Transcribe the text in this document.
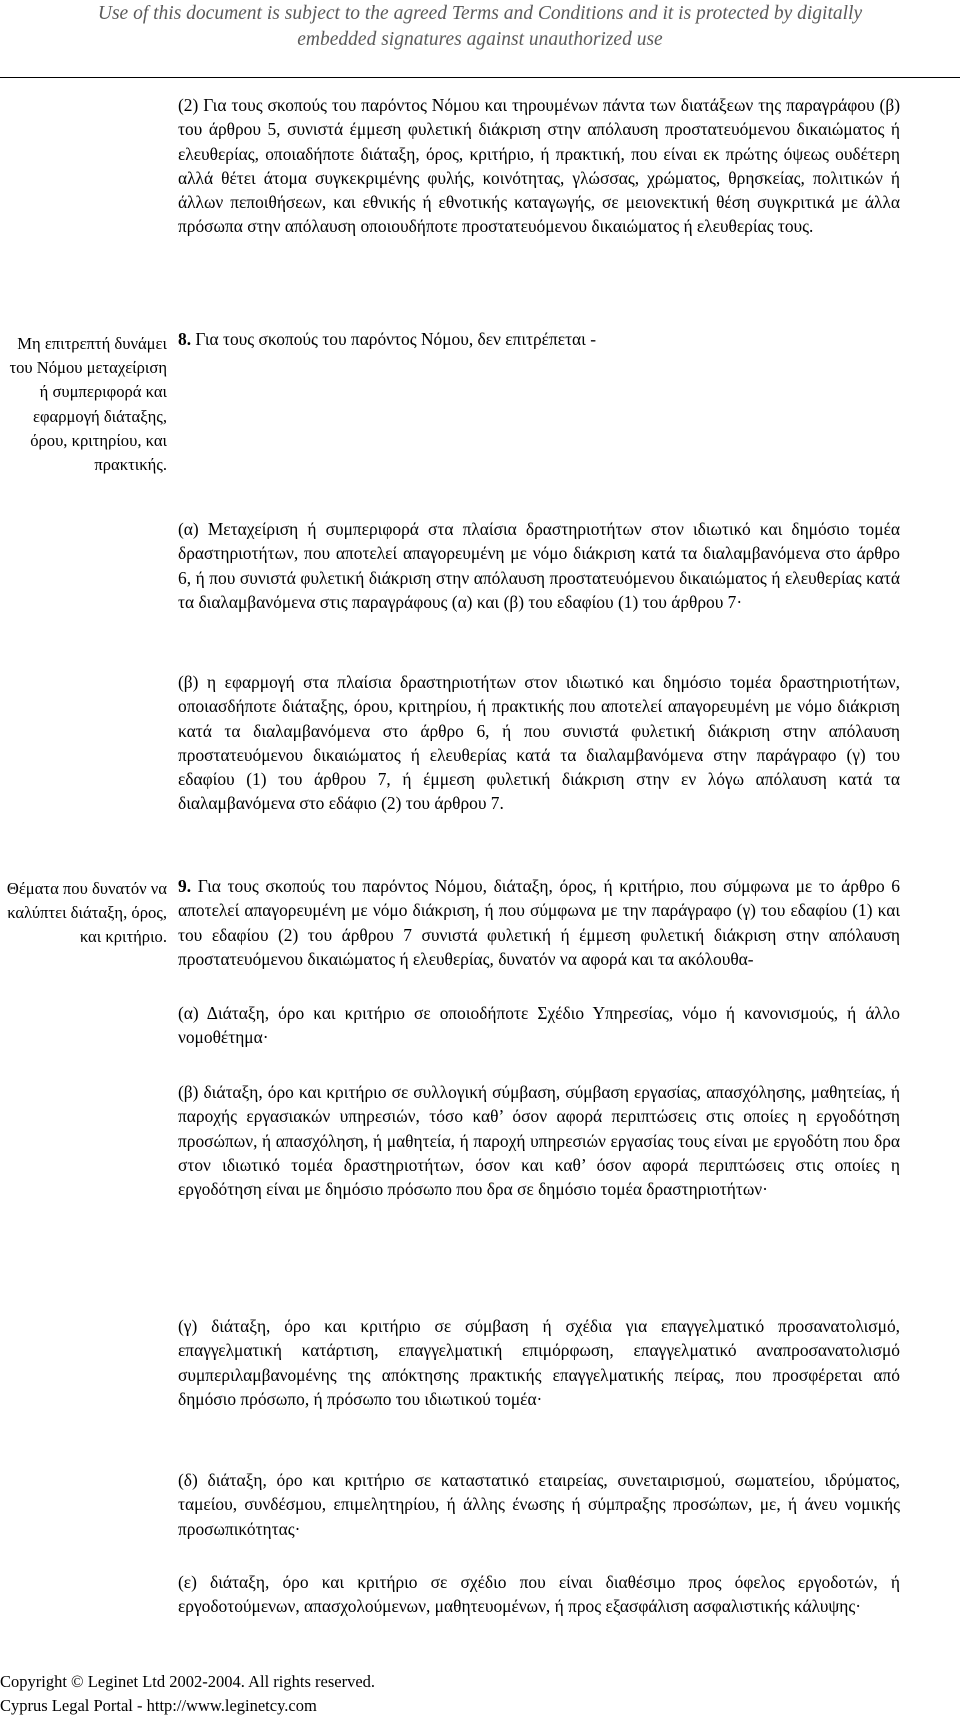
Use of this document is subject to the agreed Terms and Conditions and it is protected by digitally
embedded signatures against unauthorized use

(2) Για τους σκοπούς του παρόντος Νόμου και τηρουμένων πάντα των διατάξεων της παραγράφου (β) του άρθρου 5, συνιστά έμμεση φυλετική διάκριση στην απόλαυση προστατευόμενου δικαιώματος ή ελευθερίας, οποιαδήποτε διάταξη, όρος, κριτήριο, ή πρακτική, που είναι εκ πρώτης όψεως ουδέτερη αλλά θέτει άτομα συγκεκριμένης φυλής, κοινότητας, γλώσσας, χρώματος, θρησκείας, πολιτικών ή άλλων πεποιθήσεων, και εθνικής ή εθνοτικής καταγωγής, σε μειονεκτική θέση συγκριτικά με άλλα πρόσωπα στην απόλαυση οποιουδήποτε προστατευόμενου δικαιώματος ή ελευθερίας τους.

Μη επιτρεπτή δυνάμει του Νόμου μεταχείριση ή συμπεριφορά και εφαρμογή διάταξης, όρου, κριτηρίου, και πρακτικής.

8. Για τους σκοπούς του παρόντος Νόμου, δεν επιτρέπεται -

(α) Μεταχείριση ή συμπεριφορά στα πλαίσια δραστηριοτήτων στον ιδιωτικό και δημόσιο τομέα δραστηριοτήτων, που αποτελεί απαγορευμένη με νόμο διάκριση κατά τα διαλαμβανόμενα στο άρθρο 6, ή που συνιστά φυλετική διάκριση στην απόλαυση προστατευόμενου δικαιώματος ή ελευθερίας κατά τα διαλαμβανόμενα στις παραγράφους (α) και (β) του εδαφίου (1) του άρθρου 7·

(β) η εφαρμογή στα πλαίσια δραστηριοτήτων στον ιδιωτικό και δημόσιο τομέα δραστηριοτήτων, οποιασδήποτε διάταξης, όρου, κριτηρίου, ή πρακτικής που αποτελεί απαγορευμένη με νόμο διάκριση κατά τα διαλαμβανόμενα στο άρθρο 6, ή που συνιστά φυλετική διάκριση στην απόλαυση προστατευόμενου δικαιώματος ή ελευθερίας κατά τα διαλαμβανόμενα στην παράγραφο (γ) του εδαφίου (1) του άρθρου 7, ή έμμεση φυλετική διάκριση στην εν λόγω απόλαυση κατά τα διαλαμβανόμενα στο εδάφιο (2) του άρθρου 7.

Θέματα που δυνατόν να καλύπτει διάταξη, όρος, και κριτήριο.

9. Για τους σκοπούς του παρόντος Νόμου, διάταξη, όρος, ή κριτήριο, που σύμφωνα με το άρθρο 6 αποτελεί απαγορευμένη με νόμο διάκριση, ή που σύμφωνα με την παράγραφο (γ) του εδαφίου (1) και του εδαφίου (2) του άρθρου 7 συνιστά φυλετική ή έμμεση φυλετική διάκριση στην απόλαυση προστατευόμενου δικαιώματος ή ελευθερίας, δυνατόν να αφορά και τα ακόλουθα-

(α) Διάταξη, όρο και κριτήριο σε οποιοδήποτε Σχέδιο Υπηρεσίας, νόμο ή κανονισμούς, ή άλλο νομοθέτημα·

(β) διάταξη, όρο και κριτήριο σε συλλογική σύμβαση, σύμβαση εργασίας, απασχόλησης, μαθητείας, ή παροχής εργασιακών υπηρεσιών, τόσο καθ’ όσον αφορά περιπτώσεις στις οποίες η εργοδότηση προσώπων, ή απασχόληση, ή μαθητεία, ή παροχή υπηρεσιών εργασίας τους είναι με εργοδότη που δρα στον ιδιωτικό τομέα δραστηριοτήτων, όσον και καθ’ όσον αφορά περιπτώσεις στις οποίες η εργοδότηση είναι με δημόσιο πρόσωπο που δρα σε δημόσιο τομέα δραστηριοτήτων·

(γ) διάταξη, όρο και κριτήριο σε σύμβαση ή σχέδια για επαγγελματικό προσανατολισμό, επαγγελματική κατάρτιση, επαγγελματική επιμόρφωση, επαγγελματικό αναπροσανατολισμό συμπεριλαμβανομένης της απόκτησης πρακτικής επαγγελματικής πείρας, που προσφέρεται από δημόσιο πρόσωπο, ή πρόσωπο του ιδιωτικού τομέα·

(δ) διάταξη, όρο και κριτήριο σε καταστατικό εταιρείας, συνεταιρισμού, σωματείου, ιδρύματος, ταμείου, συνδέσμου, επιμελητηρίου, ή άλλης ένωσης ή σύμπραξης προσώπων, με, ή άνευ νομικής προσωπικότητας·

(ε) διάταξη, όρο και κριτήριο σε σχέδιο που είναι διαθέσιμο προς όφελος εργοδοτών, ή εργοδοτούμενων, απασχολούμενων, μαθητευομένων, ή προς εξασφάλιση ασφαλιστικής κάλυψης·

Copyright © Leginet Ltd 2002-2004. All rights reserved.
Cyprus Legal Portal - http://www.leginetcy.com
